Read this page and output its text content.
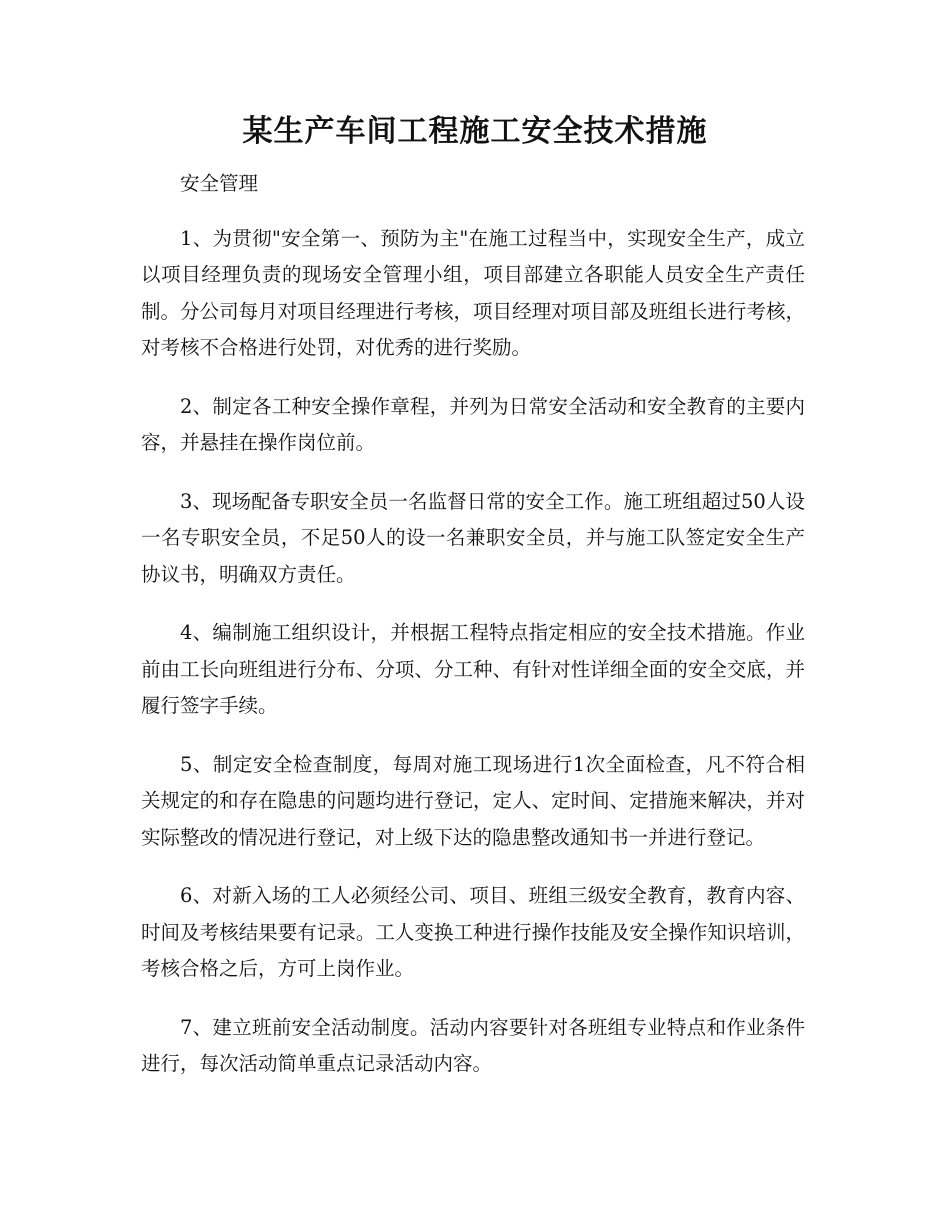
某生产车间工程施工安全技术措施

安全管理

1、为贯彻"安全第一、预防为主"在施工过程当中，实现安全生产，成立以项目经理负责的现场安全管理小组，项目部建立各职能人员安全生产责任制。分公司每月对项目经理进行考核，项目经理对项目部及班组长进行考核，对考核不合格进行处罚，对优秀的进行奖励。

2、制定各工种安全操作章程，并列为日常安全活动和安全教育的主要内容，并悬挂在操作岗位前。

3、现场配备专职安全员一名监督日常的安全工作。施工班组超过50人设一名专职安全员，不足50人的设一名兼职安全员，并与施工队签定安全生产协议书，明确双方责任。

4、编制施工组织设计，并根据工程特点指定相应的安全技术措施。作业前由工长向班组进行分布、分项、分工种、有针对性详细全面的安全交底，并履行签字手续。

5、制定安全检查制度，每周对施工现场进行1次全面检查，凡不符合相关规定的和存在隐患的问题均进行登记，定人、定时间、定措施来解决，并对实际整改的情况进行登记，对上级下达的隐患整改通知书一并进行登记。

6、对新入场的工人必须经公司、项目、班组三级安全教育，教育内容、时间及考核结果要有记录。工人变换工种进行操作技能及安全操作知识培训，考核合格之后，方可上岗作业。

7、建立班前安全活动制度。活动内容要针对各班组专业特点和作业条件进行，每次活动简单重点记录活动内容。
